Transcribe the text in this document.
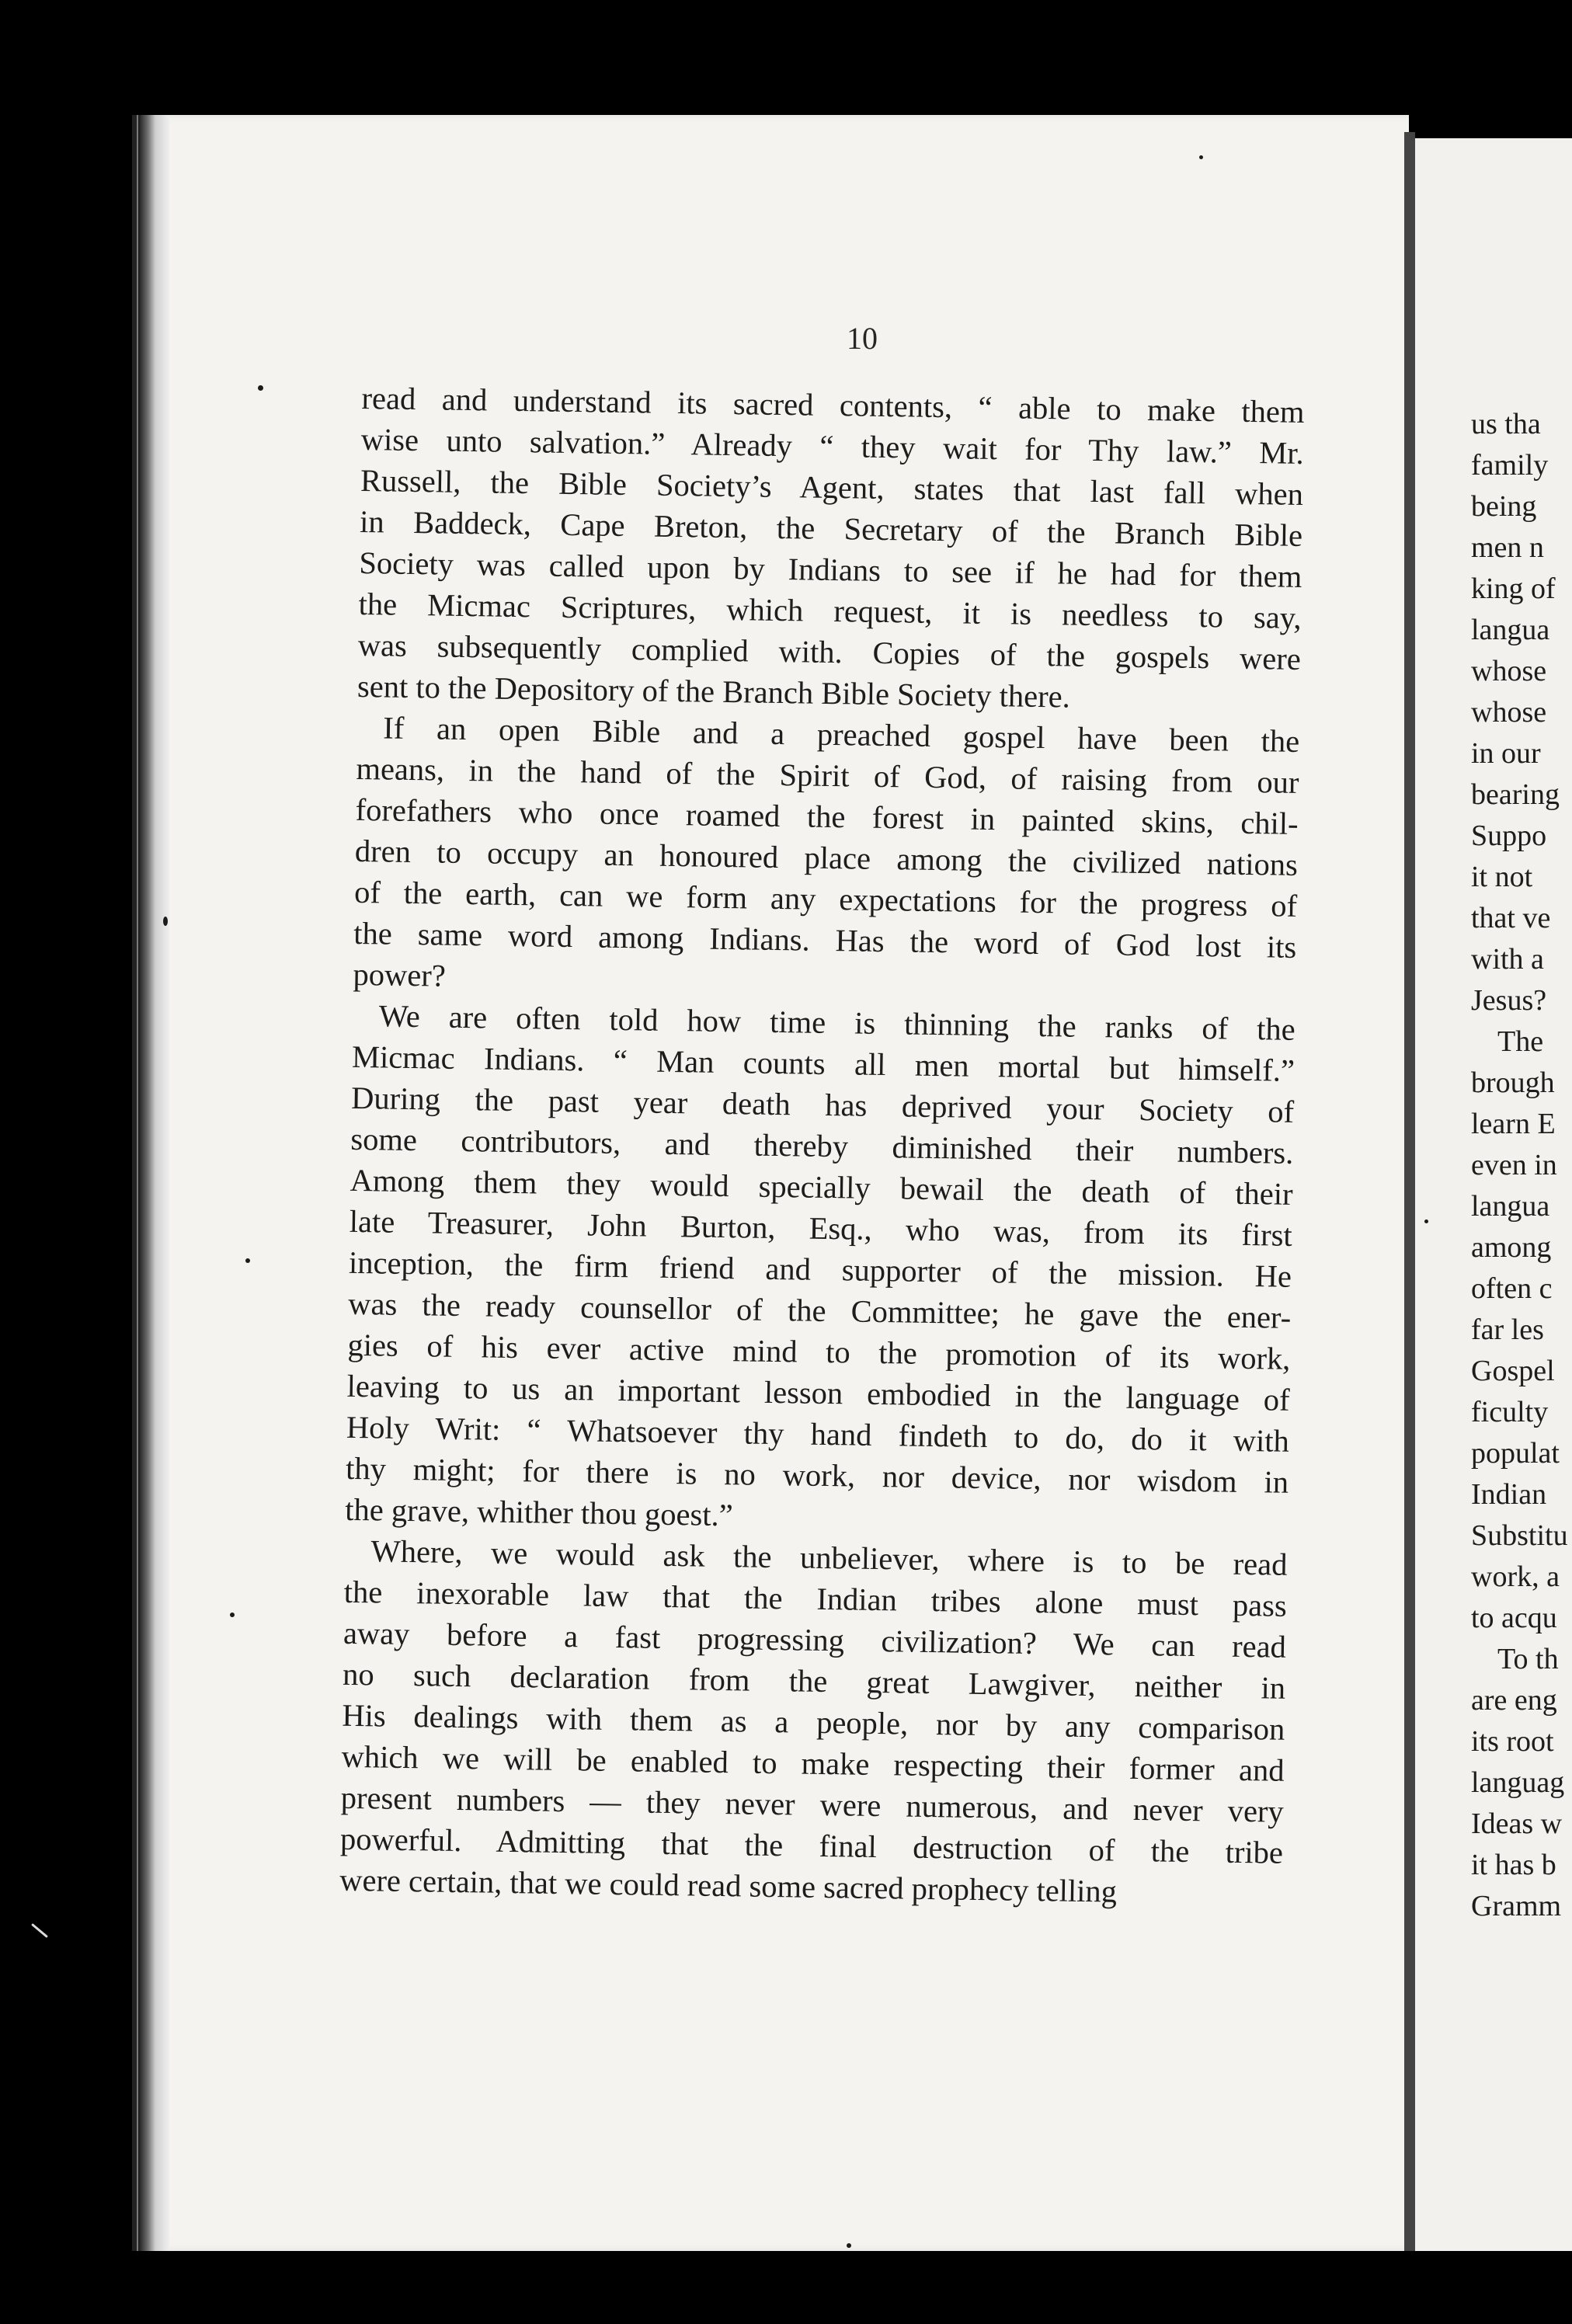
10
read and understand its sacred contents, “ able to make them
wise unto salvation.” Already “ they wait for Thy law.” Mr.
Russell, the Bible Society’s Agent, states that last fall when
in Baddeck, Cape Breton, the Secretary of the Branch Bible
Society was called upon by Indians to see if he had for them
the Micmac Scriptures, which request, it is needless to say,
was subsequently complied with. Copies of the gospels were
sent to the Depository of the Branch Bible Society there.
If an open Bible and a preached gospel have been the
means, in the hand of the Spirit of God, of raising from our
forefathers who once roamed the forest in painted skins, chil-
dren to occupy an honoured place among the civilized nations
of the earth, can we form any expectations for the progress of
the same word among Indians. Has the word of God lost its
power?
We are often told how time is thinning the ranks of the
Micmac Indians. “ Man counts all men mortal but himself.”
During the past year death has deprived your Society of
some contributors, and thereby diminished their numbers.
Among them they would specially bewail the death of their
late Treasurer, John Burton, Esq., who was, from its first
inception, the firm friend and supporter of the mission. He
was the ready counsellor of the Committee; he gave the ener-
gies of his ever active mind to the promotion of its work,
leaving to us an important lesson embodied in the language of
Holy Writ: “ Whatsoever thy hand findeth to do, do it with
thy might; for there is no work, nor device, nor wisdom in
the grave, whither thou goest.”
Where, we would ask the unbeliever, where is to be read
the inexorable law that the Indian tribes alone must pass
away before a fast progressing civilization? We can read
no such declaration from the great Lawgiver, neither in
His dealings with them as a people, nor by any comparison
which we will be enabled to make respecting their former and
present numbers — they never were numerous, and never very
powerful. Admitting that the final destruction of the tribe
were certain, that we could read some sacred prophecy telling
us tha
family
being
men n
king of
langua
whose
whose
in our
bearing
Suppo
it not
that ve
with a
Jesus?
The
brough
learn E
even in
langua
among
often c
far les
Gospel
ficulty
populat
Indian
Substitu
work, a
to acqu
To th
are eng
its root
languag
Ideas w
it has b
Gramm
